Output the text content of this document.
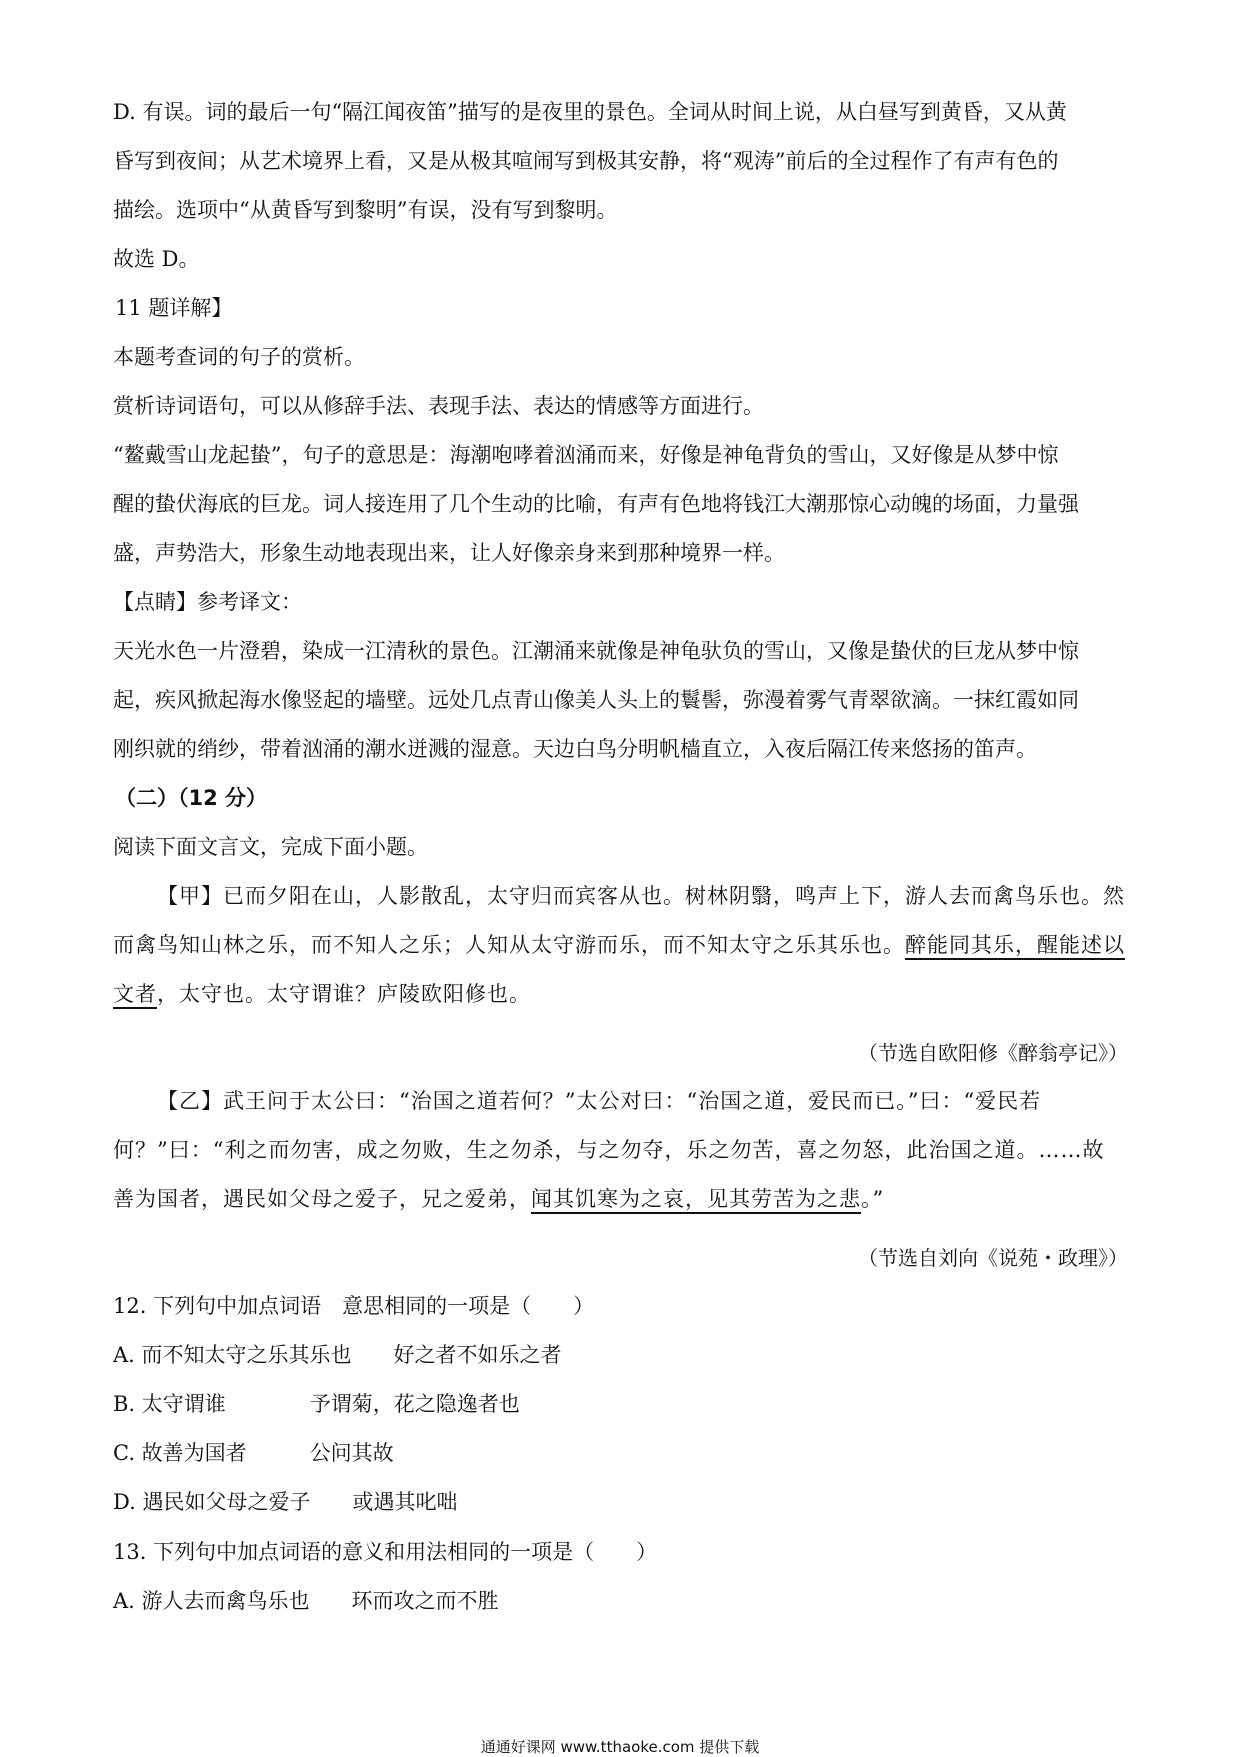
D. 有误。词的最后一句“隔江闻夜笛”描写的是夜里的景色。全词从时间上说，从白昼写到黄昏，又从黄
昏写到夜间；从艺术境界上看，又是从极其喧闹写到极其安静，将“观涛”前后的全过程作了有声有色的
描绘。选项中“从黄昏写到黎明”有误，没有写到黎明。
故选 D。
11 题详解】
本题考查词的句子的赏析。
赏析诗词语句，可以从修辞手法、表现手法、表达的情感等方面进行。
“鳌戴雪山龙起蛰”，句子的意思是：海潮咆哮着汹涌而来，好像是神龟背负的雪山，又好像是从梦中惊
醒的蛰伏海底的巨龙。词人接连用了几个生动的比喻，有声有色地将钱江大潮那惊心动魄的场面，力量强
盛，声势浩大，形象生动地表现出来，让人好像亲身来到那种境界一样。
【点睛】参考译文：
天光水色一片澄碧，染成一江清秋的景色。江潮涌来就像是神龟驮负的雪山，又像是蛰伏的巨龙从梦中惊
起，疾风掀起海水像竖起的墙壁。远处几点青山像美人头上的鬟髻，弥漫着雾气青翠欲滴。一抹红霞如同
刚织就的绡纱，带着汹涌的潮水迸溅的湿意。天边白鸟分明帆樯直立，入夜后隔江传来悠扬的笛声。
（二）（12 分）
阅读下面文言文，完成下面小题。
【甲】已而夕阳在山，人影散乱，太守归而宾客从也。树林阴翳，鸣声上下，游人去而禽鸟乐也。然
而禽鸟知山林之乐，而不知人之乐；人知从太守游而乐，而不知太守之乐其乐也。醉能同其乐，醒能述以
文者，太守也。太守谓谁？庐陵欧阳修也。
（节选自欧阳修《醉翁亭记》）
【乙】武王问于太公曰：“治国之道若何？”太公对曰：“治国之道，爱民而已。”曰：“爱民若
何？”曰：“利之而勿害，成之勿败，生之勿杀，与之勿夺，乐之勿苦，喜之勿怒，此治国之道。……故
善为国者，遇民如父母之爱子，兄之爱弟，闻其饥寒为之哀，见其劳苦为之悲。”
（节选自刘向《说苑・政理》）
12. 下列句中加点词语　意思相同的一项是（　　）
A. 而不知太守之乐其乐也　　好之者不如乐之者
B. 太守谓谁　　　　予谓菊，花之隐逸者也
C. 故善为国者　　　公问其故
D. 遇民如父母之爱子　　或遇其叱咄
13. 下列句中加点词语的意义和用法相同的一项是（　　）
A. 游人去而禽鸟乐也　　环而攻之而不胜
通通好课网 www.tthaoke.com 提供下载
